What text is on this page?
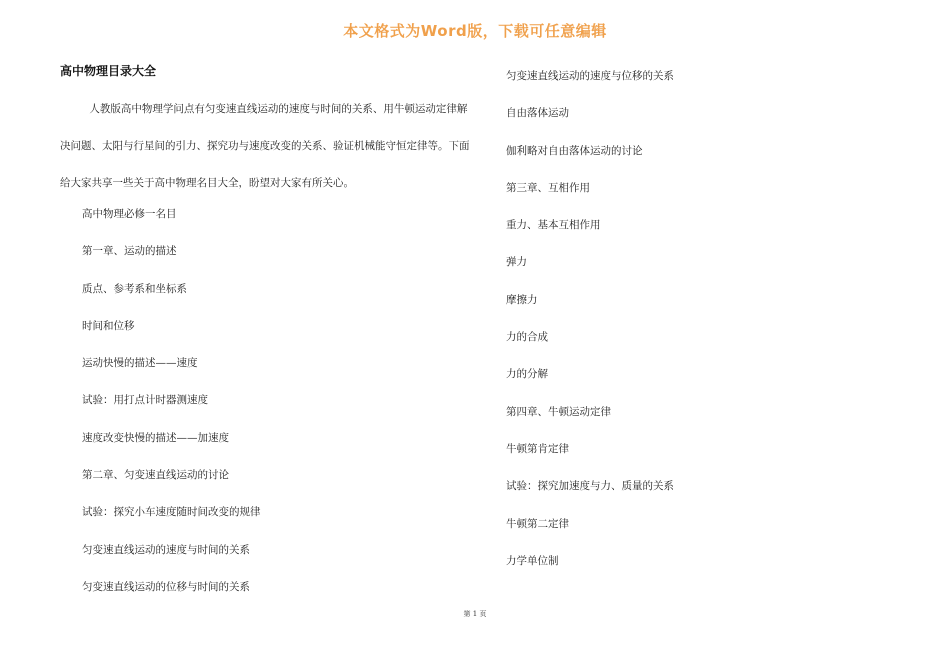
本文格式为Word版，下载可任意编辑
高中物理目录大全

人教版高中物理学问点有匀变速直线运动的速度与时间的关系、用牛顿运动定律解决问题、太阳与行星间的引力、探究功与速度改变的关系、验证机械能守恒定律等。下面给大家共享一些关于高中物理名目大全，盼望对大家有所关心。

高中物理必修一名目
第一章、运动的描述
质点、参考系和坐标系
时间和位移
运动快慢的描述——速度
试验：用打点计时器测速度
速度改变快慢的描述——加速度
第二章、匀变速直线运动的讨论
试验：探究小车速度随时间改变的规律
匀变速直线运动的速度与时间的关系
匀变速直线运动的位移与时间的关系
匀变速直线运动的速度与位移的关系
自由落体运动
伽利略对自由落体运动的讨论
第三章、互相作用
重力、基本互相作用
弹力
摩擦力
力的合成
力的分解
第四章、牛顿运动定律
牛顿第肯定律
试验：探究加速度与力、质量的关系
牛顿第二定律
力学单位制
第 1 页
